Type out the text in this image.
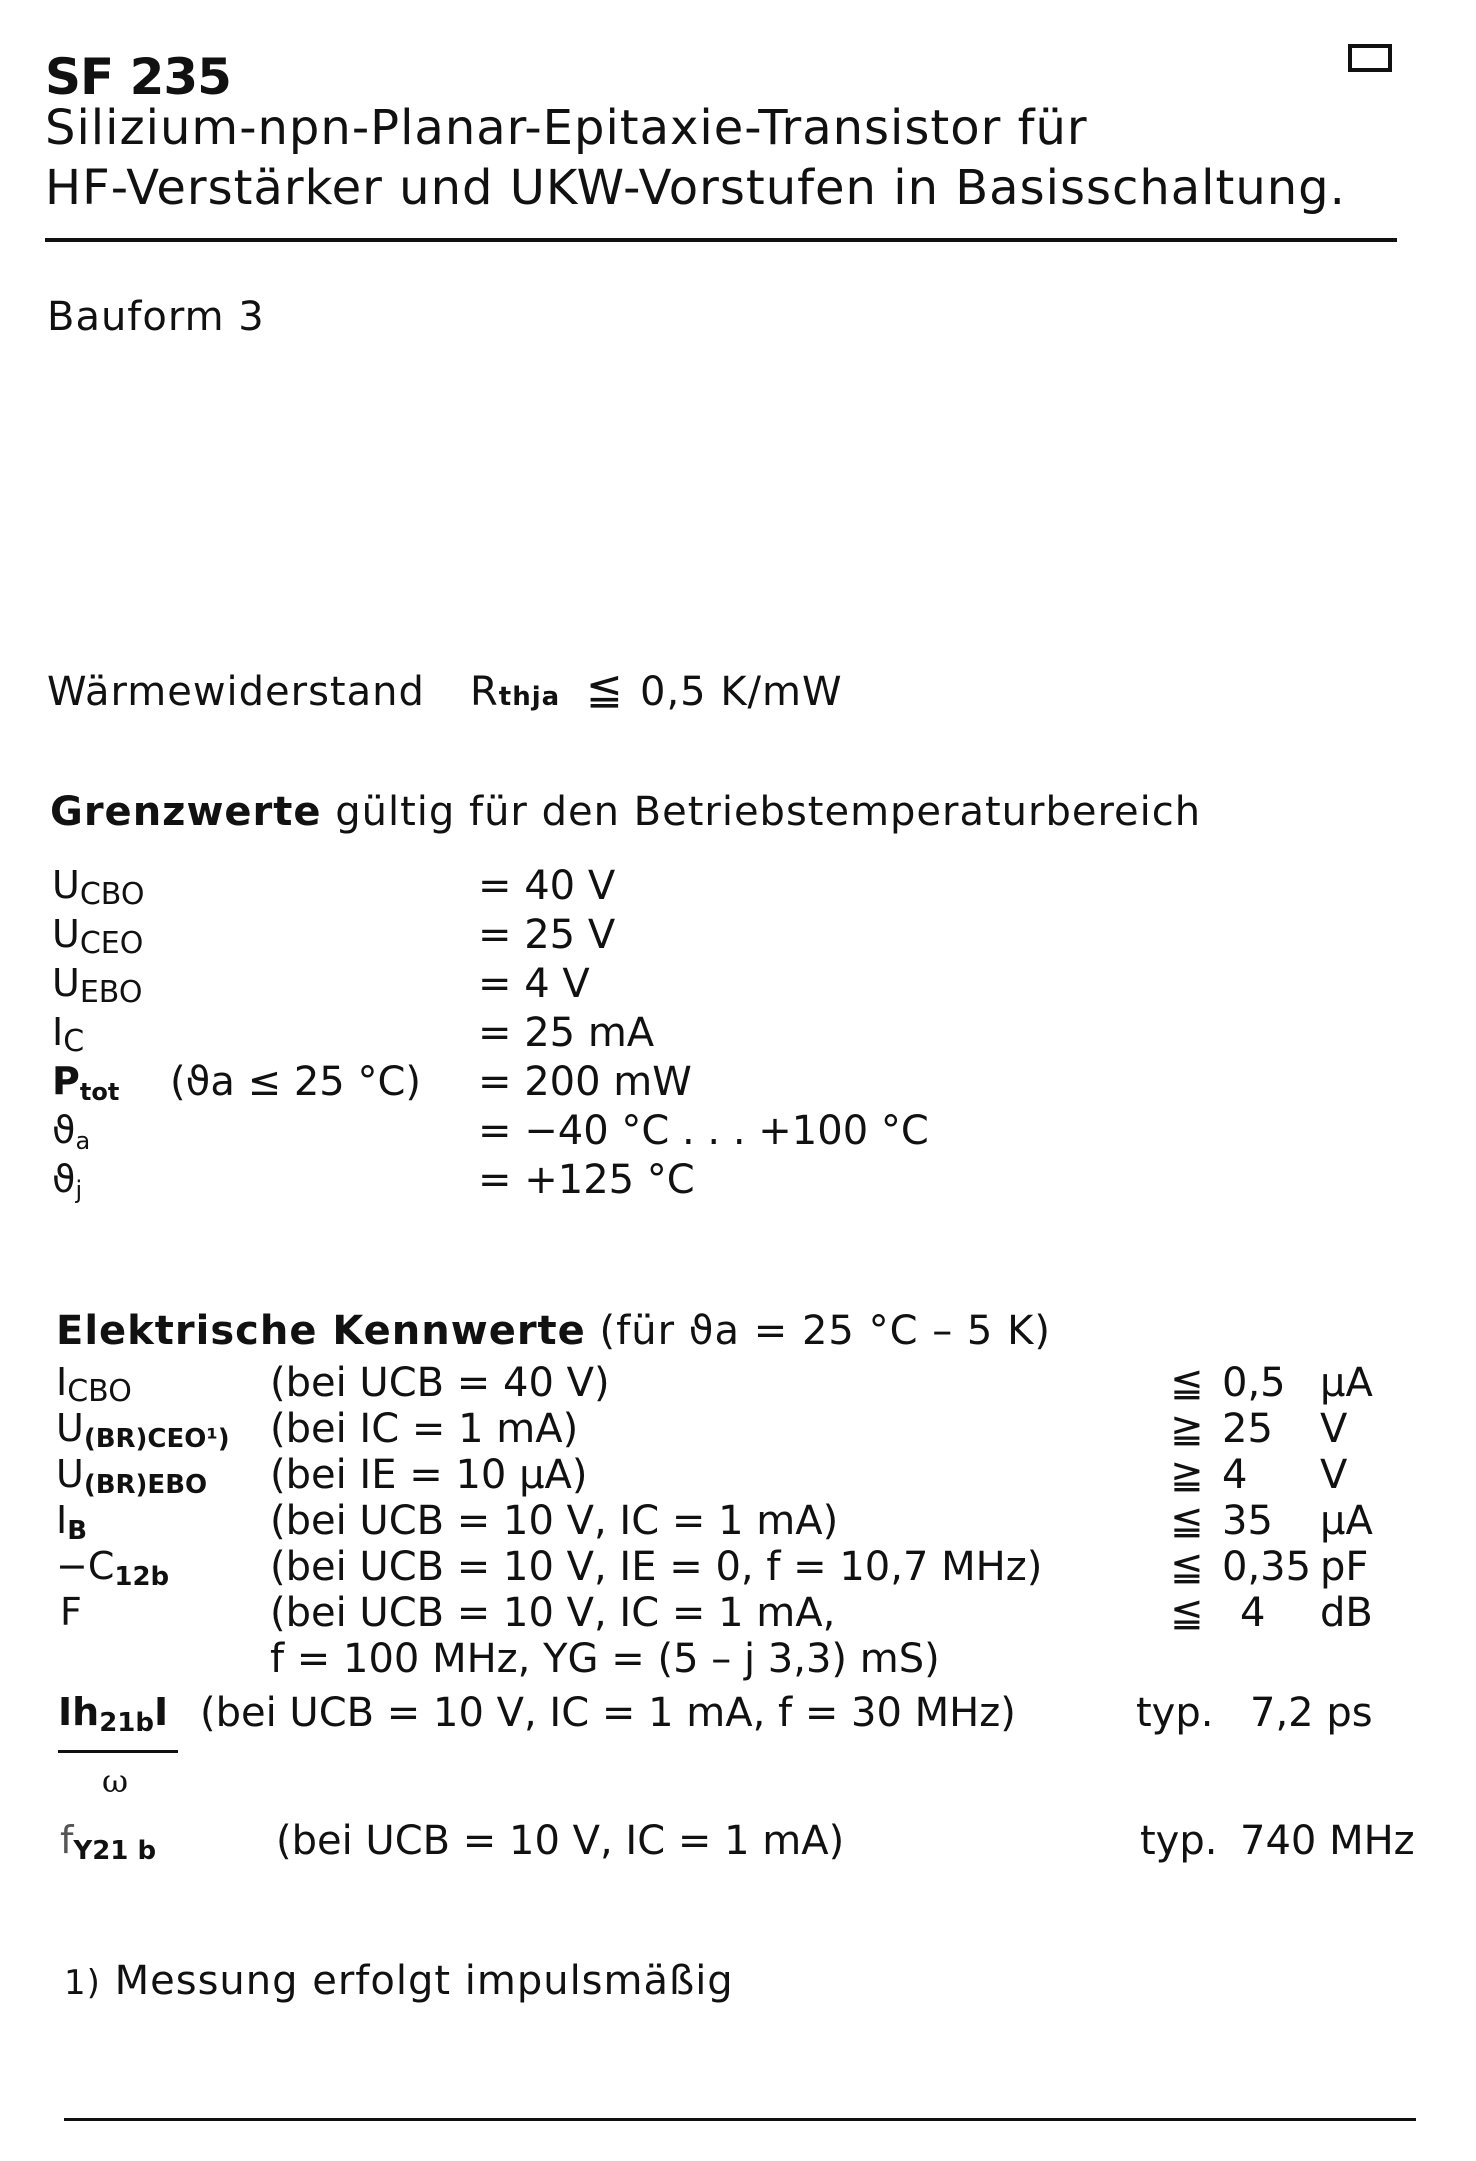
SF 235
Silizium-npn-Planar-Epitaxie-Transistor für
HF-Verstärker und UKW-Vorstufen in Basisschaltung.
Bauform 3
Wärmewiderstand Rthja ≦ 0,5 K/mW
Grenzwerte gültig für den Betriebstemperaturbereich
UCBO	= 40 V
UCEO	= 25 V
UEBO	= 4 V
IC	= 25 mA
Ptot (ϑa ≤ 25 °C) = 200 mW
ϑa	= −40 °C . . . +100 °C
ϑj	= +125 °C
Elektrische Kennwerte (für ϑa = 25 °C – 5 K)
ICBO	(bei UCB = 40 V)	≦ 0,5 μA
U(BR)CEO¹) (bei IC = 1 mA)	≧ 25 V
U(BR)EBO (bei IE = 10 μA)	≧ 4 V
IB	(bei UCB = 10 V, IC = 1 mA)	≦ 35 μA
−C12b	(bei UCB = 10 V, IE = 0, f = 10,7 MHz)	≦ 0,35 pF
F	(bei UCB = 10 V, IC = 1 mA,	≦ 4 dB
f = 100 MHz, YG = (5 – j 3,3) mS)
Ih21bI (bei UCB = 10 V, IC = 1 mA, f = 30 MHz)	typ. 7,2 ps
ω
fY21 b	(bei UCB = 10 V, IC = 1 mA)	typ. 740 MHz
1) Messung erfolgt impulsmäßig
